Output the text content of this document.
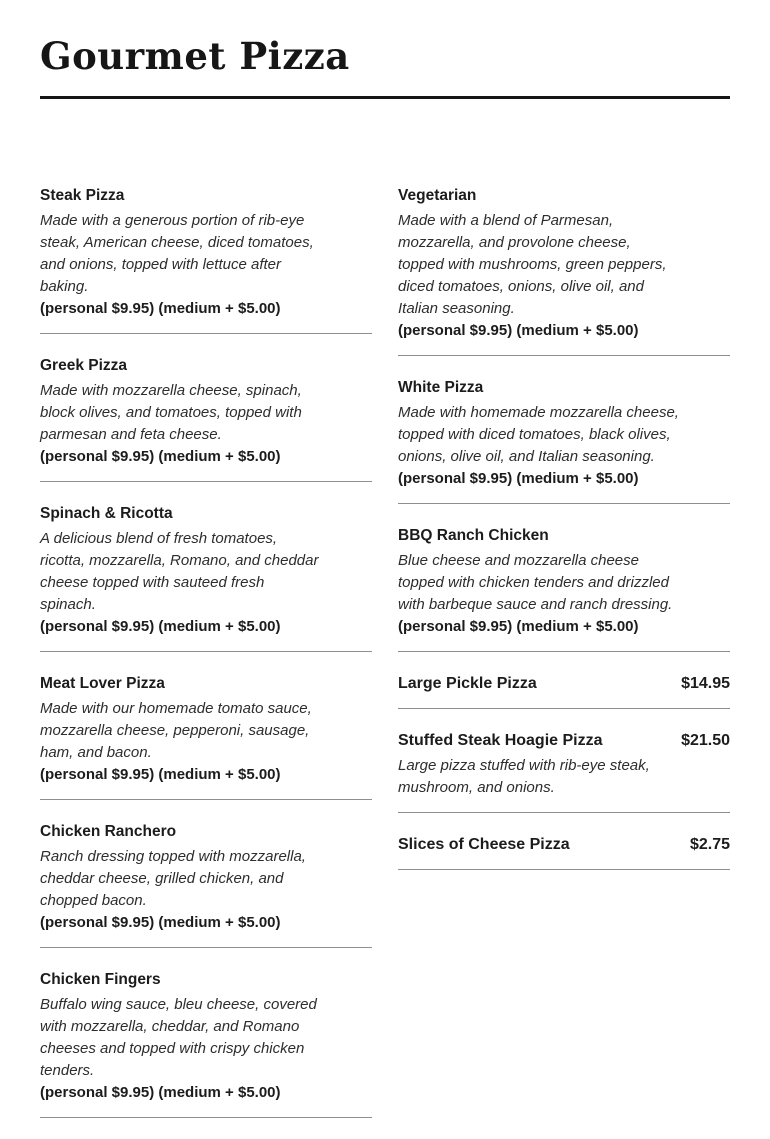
Gourmet Pizza
Steak Pizza

Made with a generous portion of rib-eye steak, American cheese, diced tomatoes, and onions, topped with lettuce after baking.

(personal $9.95) (medium + $5.00)

Greek Pizza

Made with mozzarella cheese, spinach, block olives, and tomatoes, topped with parmesan and feta cheese.

(personal $9.95) (medium + $5.00)

Spinach & Ricotta

A delicious blend of fresh tomatoes, ricotta, mozzarella, Romano, and cheddar cheese topped with sauteed fresh spinach.

(personal $9.95) (medium + $5.00)

Meat Lover Pizza

Made with our homemade tomato sauce, mozzarella cheese, pepperoni, sausage, ham, and bacon.

(personal $9.95) (medium + $5.00)

Chicken Ranchero

Ranch dressing topped with mozzarella, cheddar cheese, grilled chicken, and chopped bacon.

(personal $9.95) (medium + $5.00)

Chicken Fingers

Buffalo wing sauce, bleu cheese, covered with mozzarella, cheddar, and Romano cheeses and topped with crispy chicken tenders.

(personal $9.95) (medium + $5.00)

Vegetarian

Made with a blend of Parmesan, mozzarella, and provolone cheese, topped with mushrooms, green peppers, diced tomatoes, onions, olive oil, and Italian seasoning.

(personal $9.95) (medium + $5.00)

White Pizza

Made with homemade mozzarella cheese, topped with diced tomatoes, black olives, onions, olive oil, and Italian seasoning.

(personal $9.95) (medium + $5.00)

BBQ Ranch Chicken

Blue cheese and mozzarella cheese topped with chicken tenders and drizzled with barbeque sauce and ranch dressing.

(personal $9.95) (medium + $5.00)

Large Pickle Pizza	$14.95
Stuffed Steak Hoagie Pizza	$21.50

Large pizza stuffed with rib-eye steak, mushroom, and onions.

Slices of Cheese Pizza	$2.75
